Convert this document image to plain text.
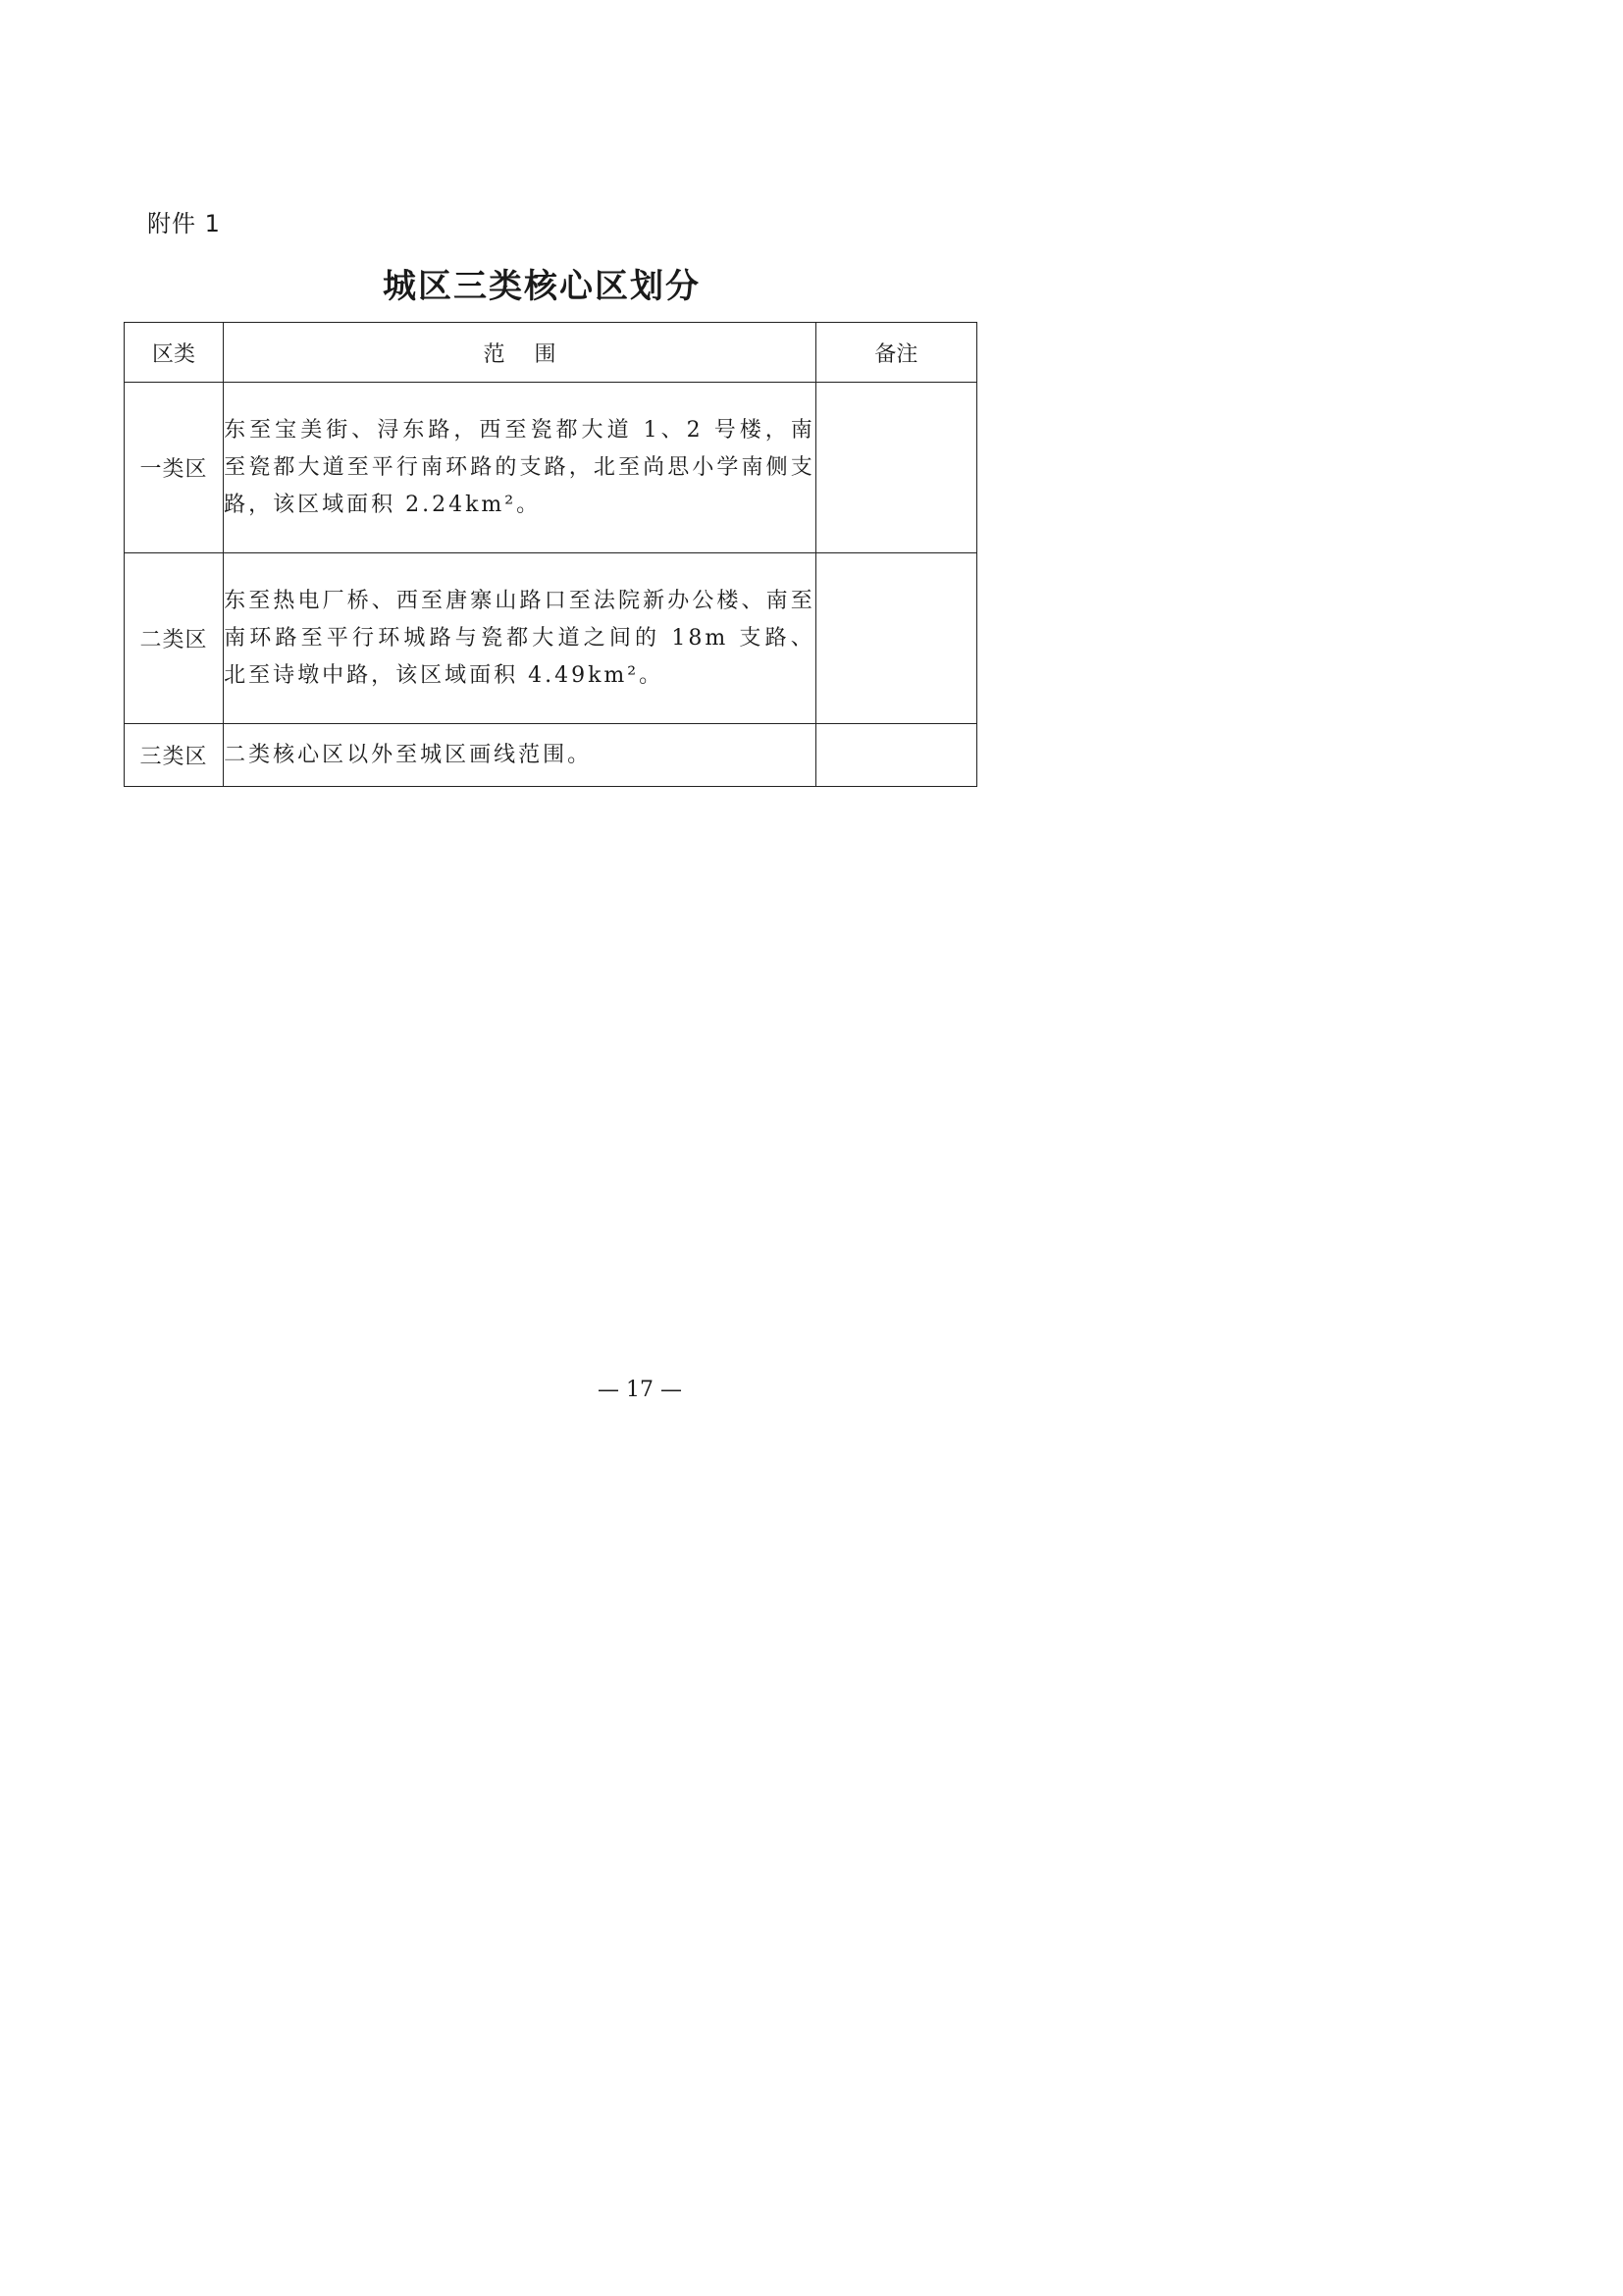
附件 1
城区三类核心区划分
区类	范围	备注
一类区	东至宝美街、浔东路，西至瓷都大道 1、2 号楼，南至瓷都大道至平行南环路的支路，北至尚思小学南侧支路，该区域面积 2.24km²。	
二类区	东至热电厂桥、西至唐寨山路口至法院新办公楼、南至南环路至平行环城路与瓷都大道之间的 18m 支路、北至诗墩中路，该区域面积 4.49km²。	
三类区	二类核心区以外至城区画线范围。	
— 17 —
